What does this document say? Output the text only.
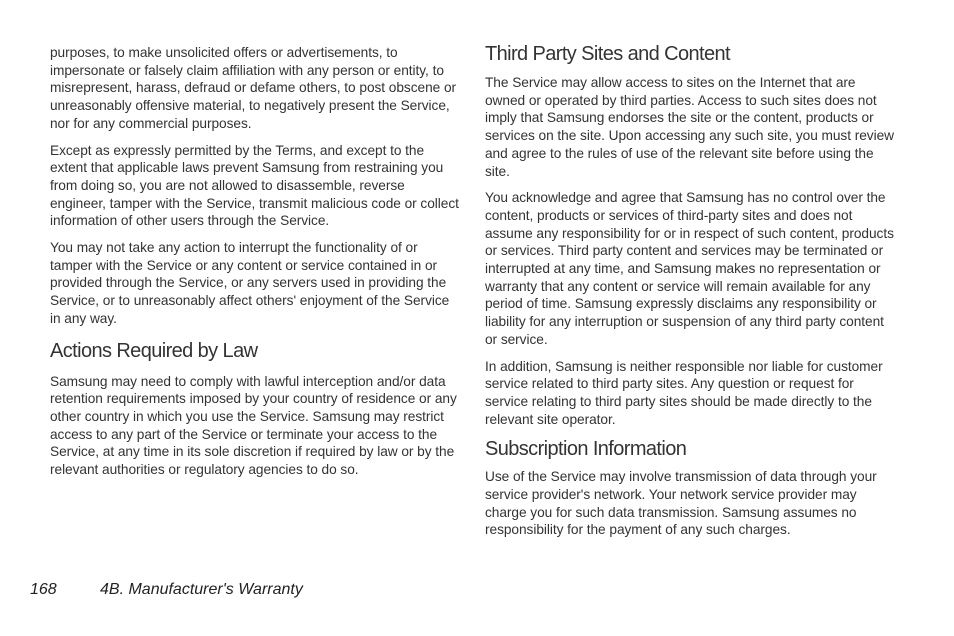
purposes, to make unsolicited offers or advertisements, to impersonate or falsely claim affiliation with any person or entity, to misrepresent, harass, defraud or defame others, to post obscene or unreasonably offensive material, to negatively present the Service, nor for any commercial purposes.

Except as expressly permitted by the Terms, and except to the extent that applicable laws prevent Samsung from restraining you from doing so, you are not allowed to disassemble, reverse engineer, tamper with the Service, transmit malicious code or collect information of other users through the Service.

You may not take any action to interrupt the functionality of or tamper with the Service or any content or service contained in or provided through the Service, or any servers used in providing the Service, or to unreasonably affect others' enjoyment of the Service in any way.

Actions Required by Law

Samsung may need to comply with lawful interception and/or data retention requirements imposed by your country of residence or any other country in which you use the Service. Samsung may restrict access to any part of the Service or terminate your access to the Service, at any time in its sole discretion if required by law or by the relevant authorities or regulatory agencies to do so.

Third Party Sites and Content

The Service may allow access to sites on the Internet that are owned or operated by third parties. Access to such sites does not imply that Samsung endorses the site or the content, products or services on the site. Upon accessing any such site, you must review and agree to the rules of use of the relevant site before using the site.

You acknowledge and agree that Samsung has no control over the content, products or services of third-party sites and does not assume any responsibility for or in respect of such content, products or services. Third party content and services may be terminated or interrupted at any time, and Samsung makes no representation or warranty that any content or service will remain available for any period of time. Samsung expressly disclaims any responsibility or liability for any interruption or suspension of any third party content or service.

In addition, Samsung is neither responsible nor liable for customer service related to third party sites. Any question or request for service relating to third party sites should be made directly to the relevant site operator.

Subscription Information

Use of the Service may involve transmission of data through your service provider's network. Your network service provider may charge you for such data transmission. Samsung assumes no responsibility for the payment of any such charges.

168	4B. Manufacturer's Warranty
